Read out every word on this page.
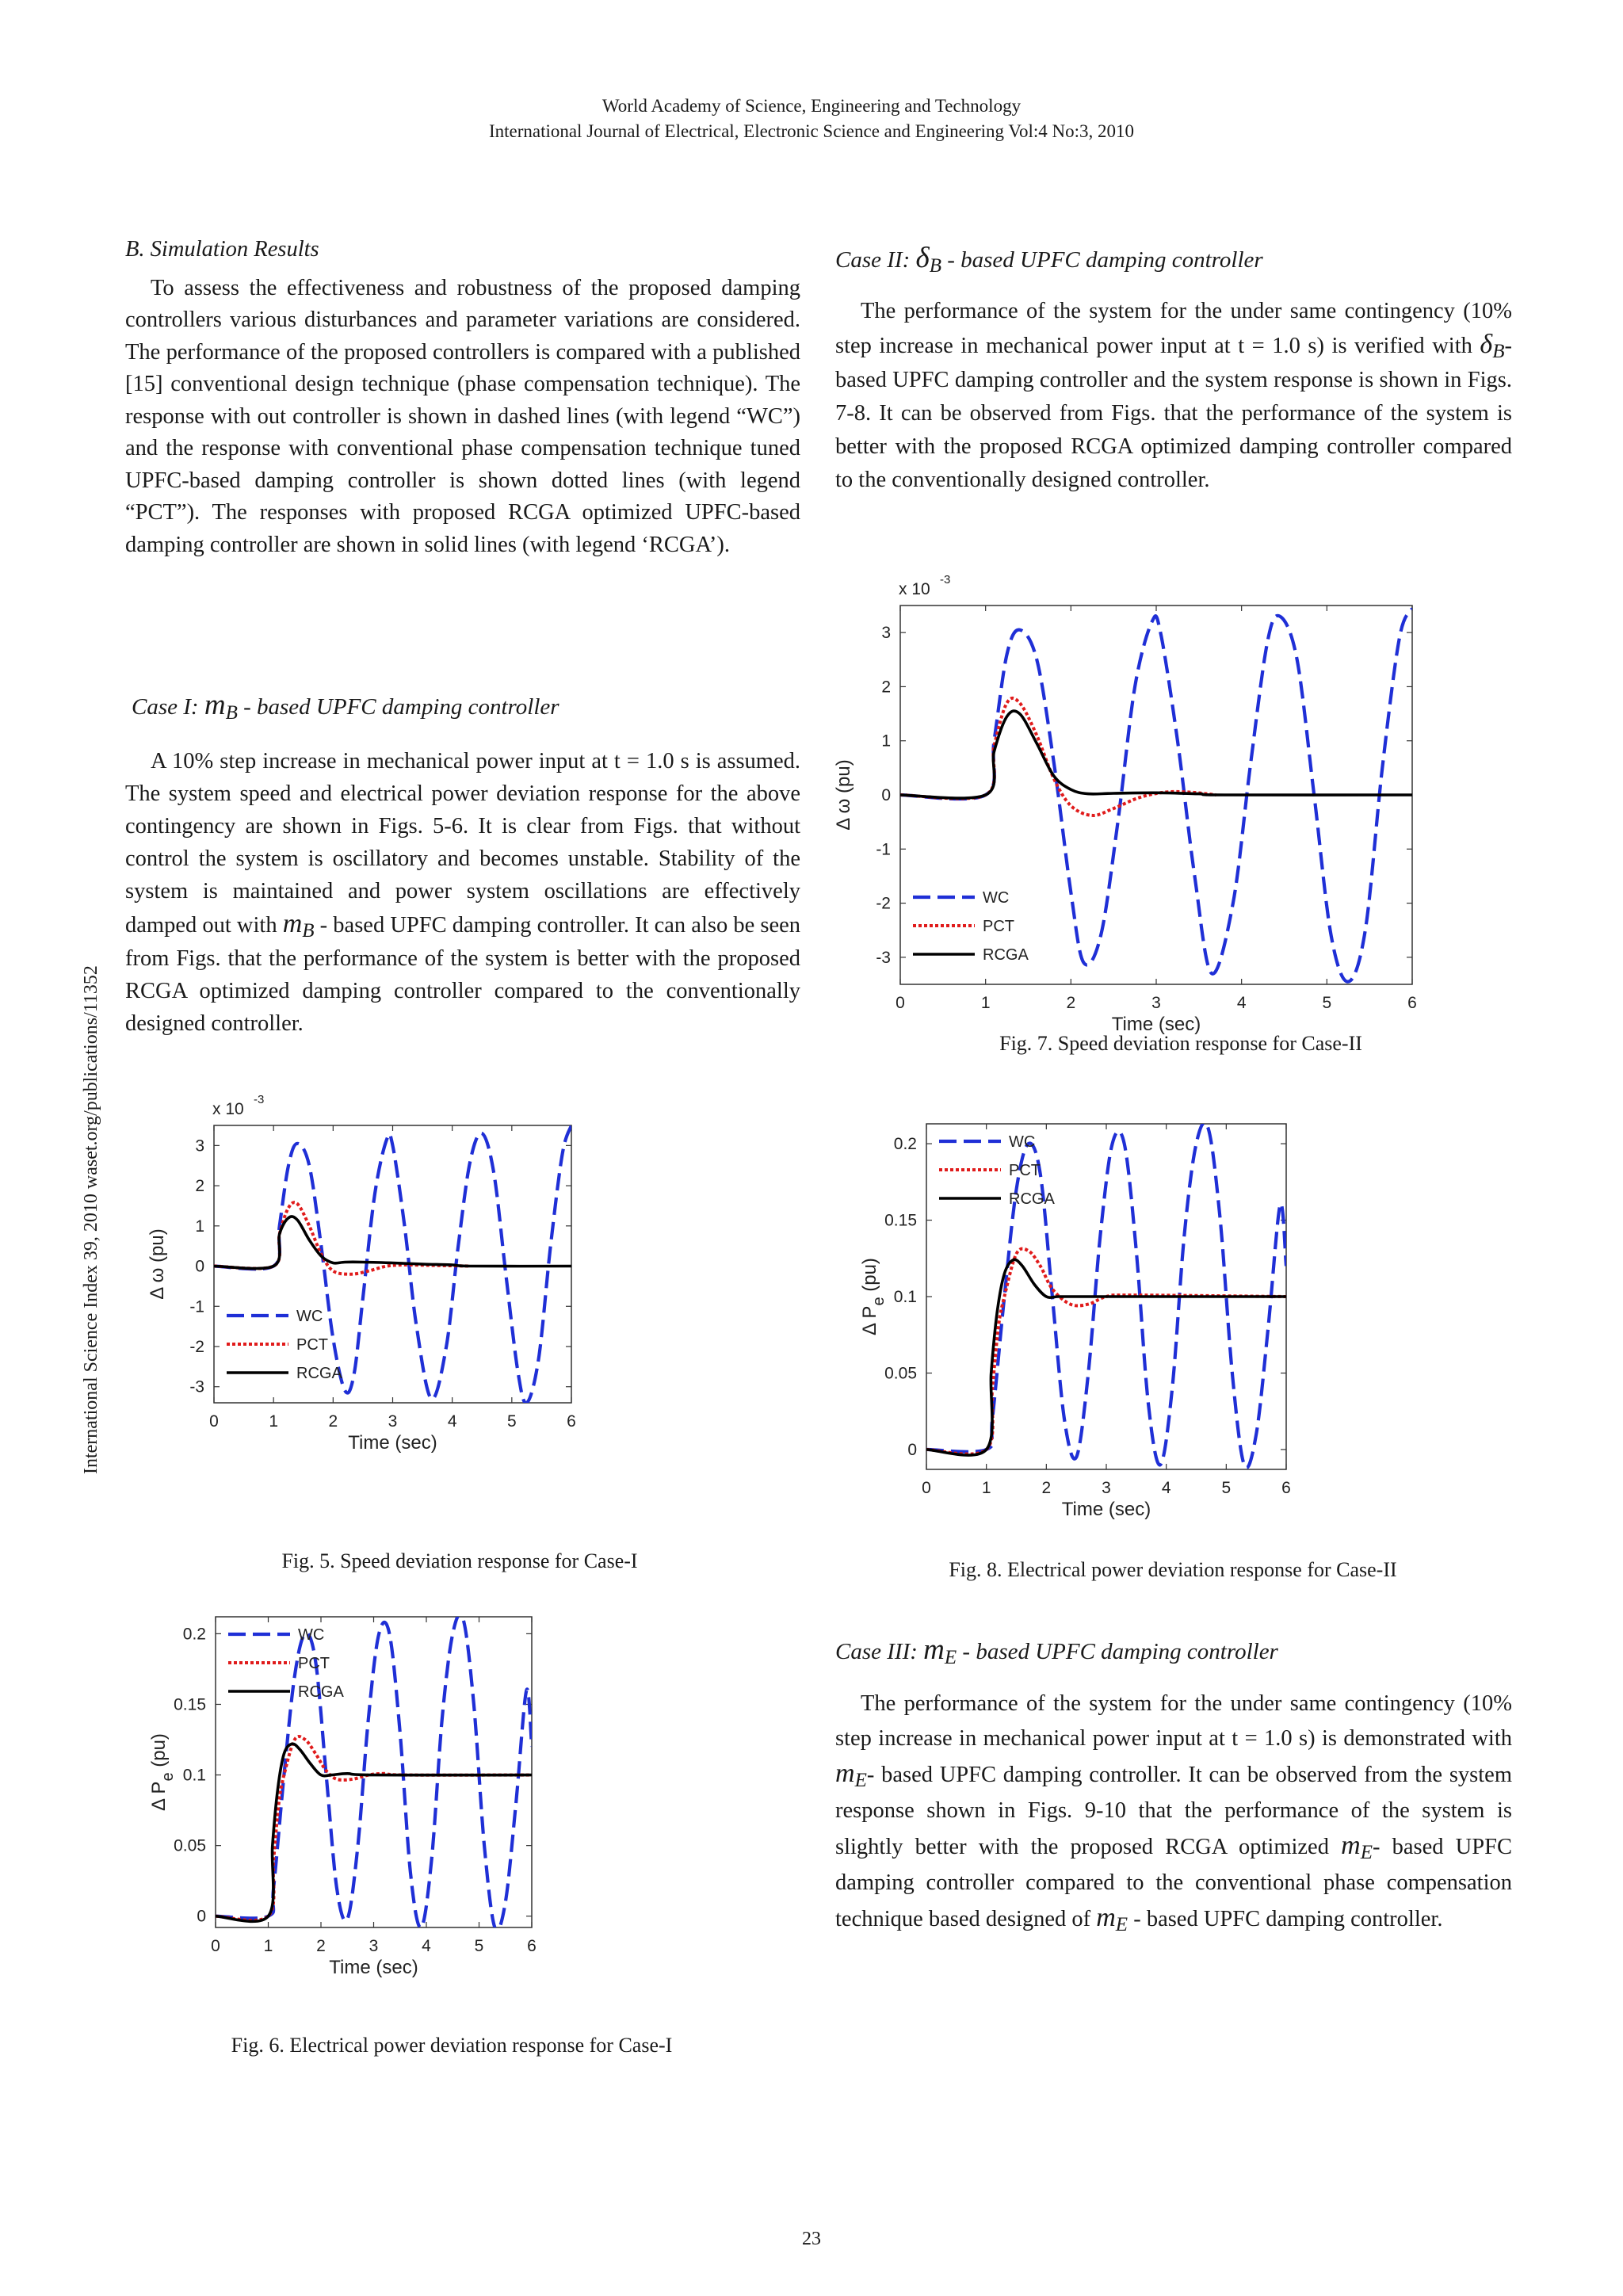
World Academy of Science, Engineering and Technology
International Journal of Electrical, Electronic Science and Engineering Vol:4 No:3, 2010
International Science Index 39, 2010 waset.org/publications/11352

B. Simulation Results

To assess the effectiveness and robustness of the proposed damping controllers various disturbances and parameter variations are considered. The performance of the proposed controllers is compared with a published [15] conventional design technique (phase compensation technique). The response with out controller is shown in dashed lines (with legend “WC”) and the response with conventional phase compensation technique tuned UPFC-based damping controller is shown dotted lines (with legend “PCT”). The responses with proposed RCGA optimized UPFC-based damping controller are shown in solid lines (with legend ‘RCGA’).

Case I: mB - based UPFC damping controller

A 10% step increase in mechanical power input at t = 1.0 s is assumed. The system speed and electrical power deviation response for the above contingency are shown in Figs. 5-6. It is clear from Figs. that without control the system is oscillatory and becomes unstable. Stability of the system is maintained and power system oscillations are effectively damped out with mB - based UPFC damping controller. It can also be seen from Figs. that the performance of the system is better with the proposed RCGA optimized damping controller compared to the conventionally designed controller.

Case II: δB - based UPFC damping controller

The performance of the system for the under same contingency (10% step increase in mechanical power input at t = 1.0 s) is verified with δB- based UPFC damping controller and the system response is shown in Figs. 7-8. It can be observed from Figs. that the performance of the system is better with the proposed RCGA optimized damping controller compared to the conventionally designed controller.

Case III: mE - based UPFC damping controller

The performance of the system for the under same contingency (10% step increase in mechanical power input at t = 1.0 s) is demonstrated with mE- based UPFC damping controller. It can be observed from the system response shown in Figs. 9-10 that the performance of the system is slightly better with the proposed RCGA optimized mE- based UPFC damping controller compared to the conventional phase compensation technique based designed of mE - based UPFC damping controller.

0	1	2	3	4	5	6
-3
-2
-1
0
1
2
3
Time (sec)
Δ ω (pu)
x 10
-3
WC
PCT
RCGA
Fig. 5. Speed deviation response for Case-I
0	1	2	3	4	5	6
0
0.05
0.1
0.15
0.2
Time (sec)
Δ $P_e$ (pu)
WC
PCT
RCGA
Fig. 6. Electrical power deviation response for Case-I
0	1	2	3	4	5	6
-3
-2
-1
0
1
2
3
Time (sec)
Δ ω (pu)
x 10
-3
WC
PCT
RCGA
Fig. 7. Speed deviation response for Case-II
0	1	2	3	4	5	6
0
0.05
0.1
0.15
0.2
Time (sec)
Δ $P_e$ (pu)
WC
PCT
RCGA
Fig. 8. Electrical power deviation response for Case-II
23
